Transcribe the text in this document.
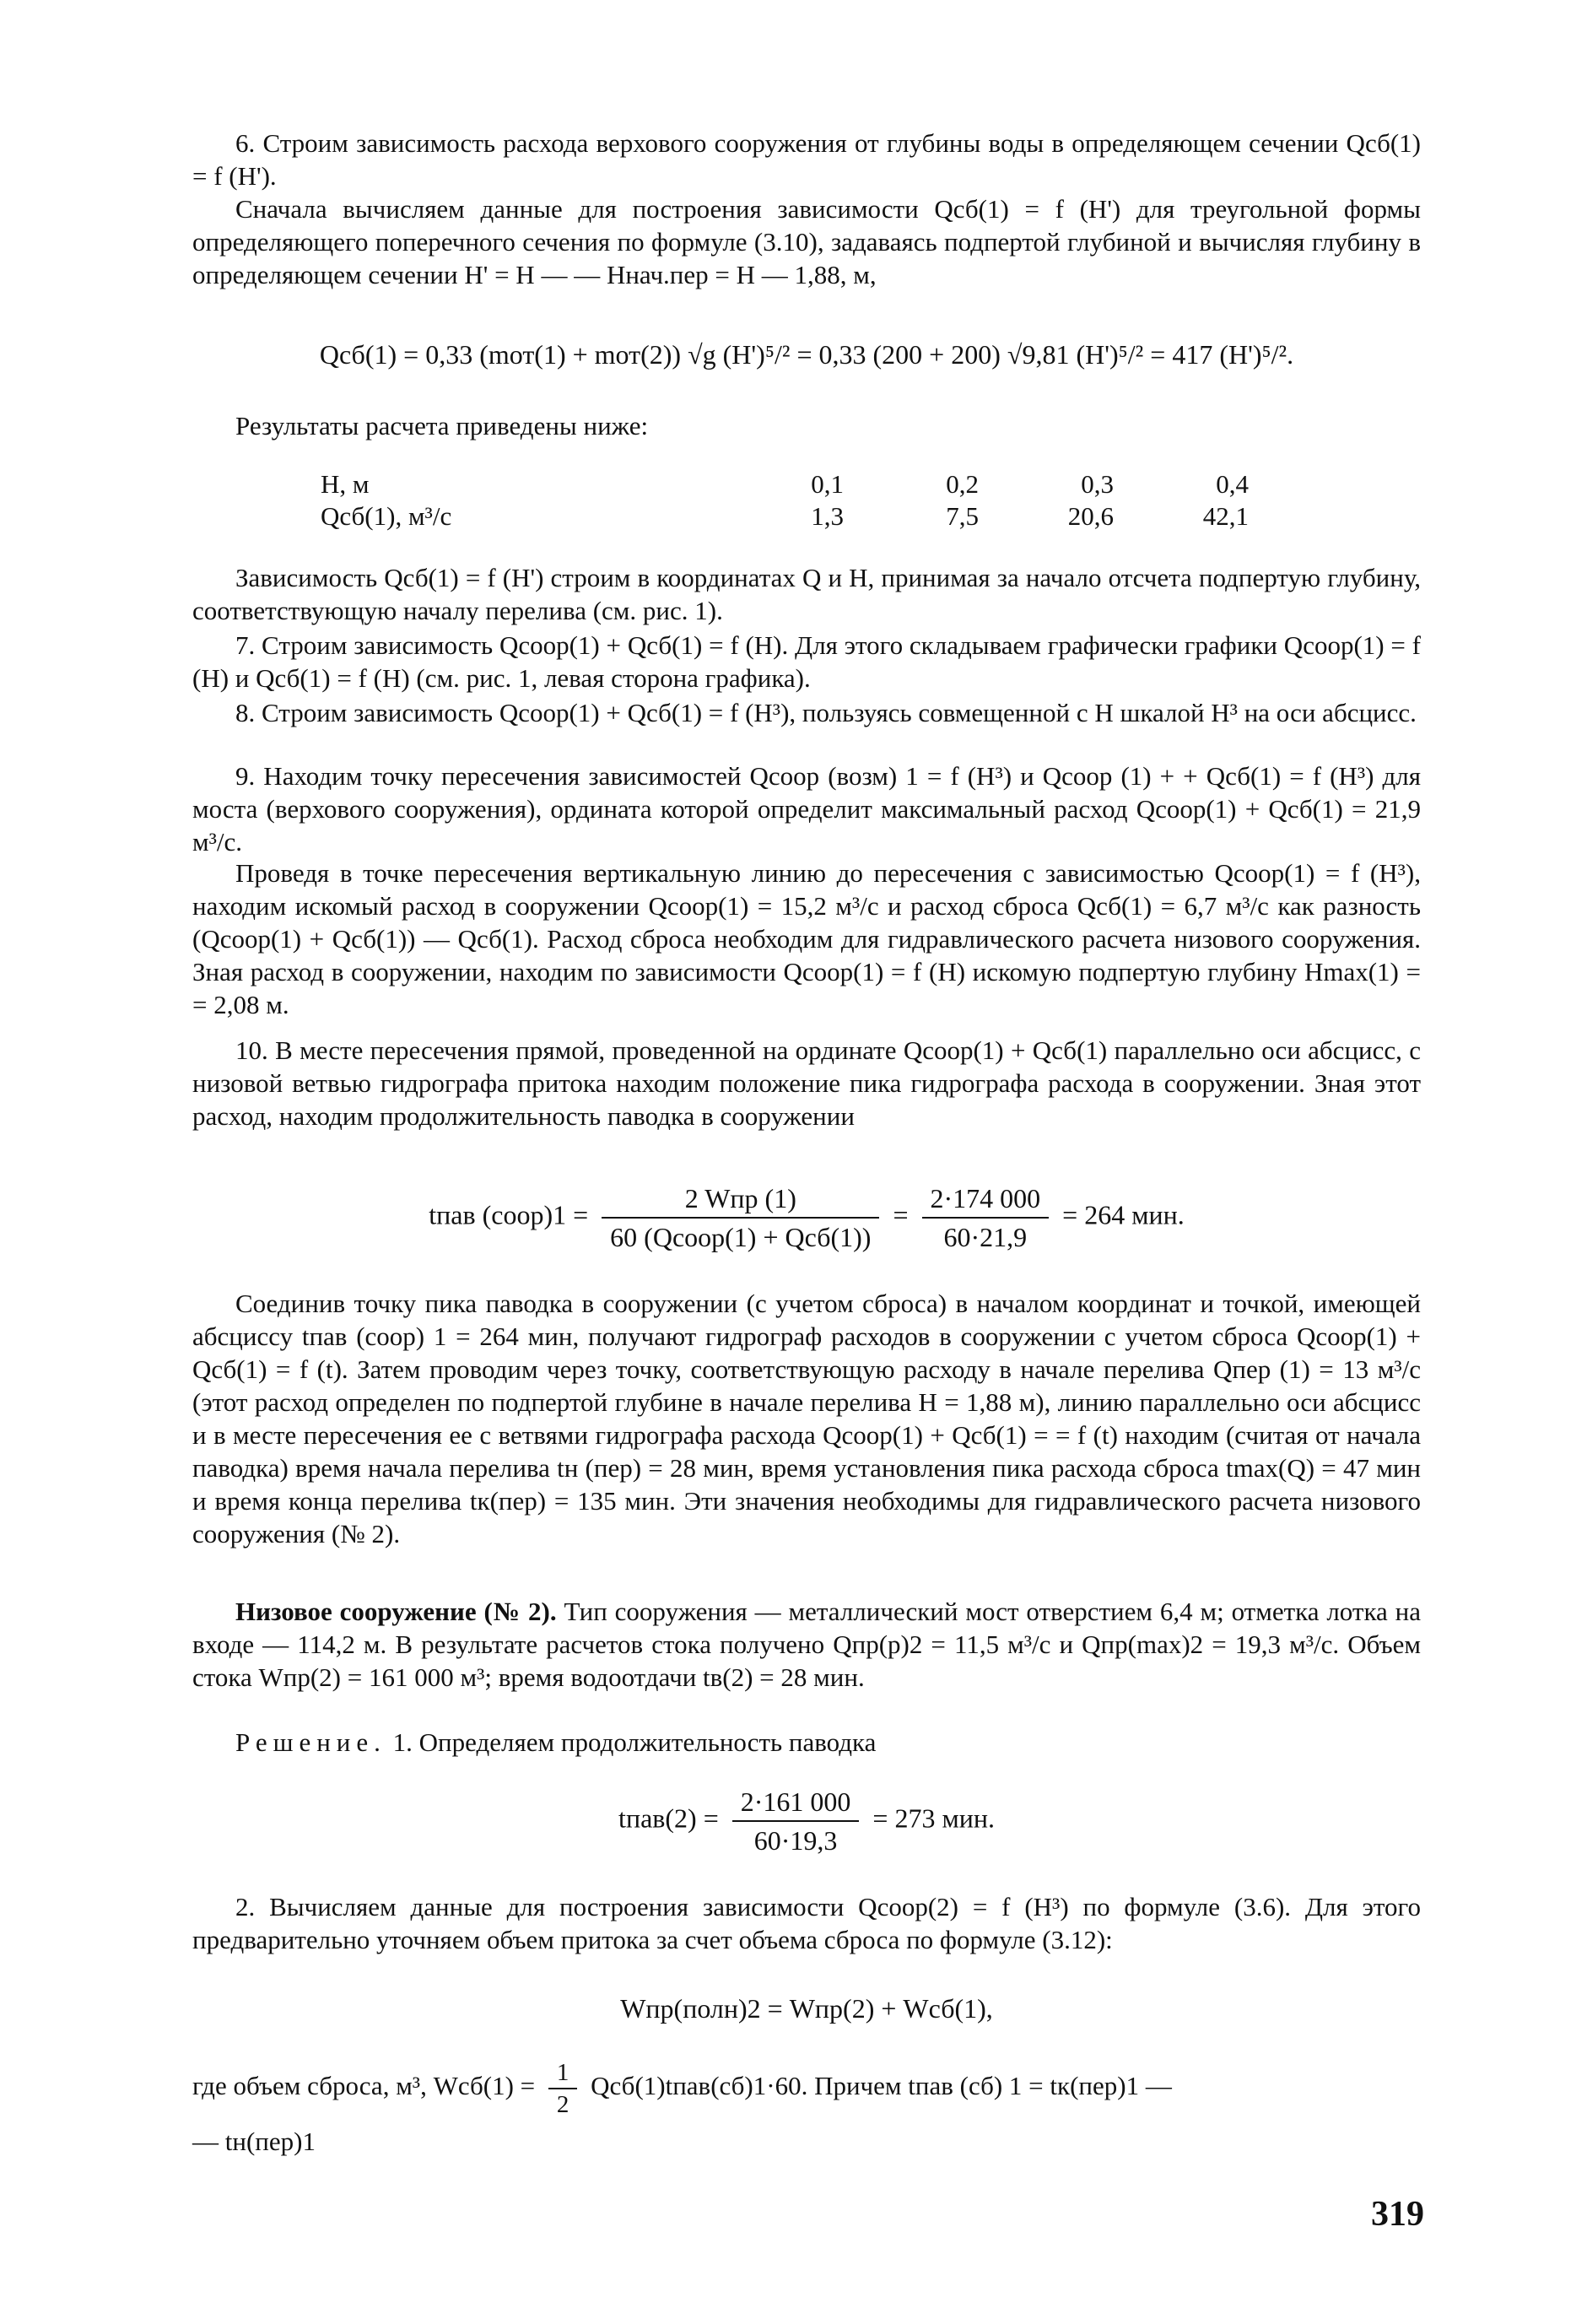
6. Строим зависимость расхода верхового сооружения от глубины воды в определяющем сечении Qсб(1) = f (H').

Сначала вычисляем данные для построения зависимости Qсб(1) = f (H') для треугольной формы определяющего поперечного сечения по формуле (3.10), задаваясь подпертой глубиной и вычисляя глубину в определяющем сечении H' = H — — Hнач.пер = H — 1,88, м,

Qсб(1) = 0,33 (mот(1) + mот(2)) √g (H')⁵/² = 0,33 (200 + 200) √9,81 (H')⁵/² = 417 (H')⁵/².

Результаты расчета приведены ниже:

H, м	0,1	0,2	0,3	0,4
Qсб(1), м³/с	1,3	7,5	20,6	42,1

Зависимость Qсб(1) = f (H') строим в координатах Q и H, принимая за начало отсчета подпертую глубину, соответствующую началу перелива (см. рис. 1).

7. Строим зависимость Qсоор(1) + Qсб(1) = f (H). Для этого складываем графически графики Qсоор(1) = f (H) и Qсб(1) = f (H) (см. рис. 1, левая сторона графика).

8. Строим зависимость Qсоор(1) + Qсб(1) = f (H³), пользуясь совмещенной с H шкалой H³ на оси абсцисс.

9. Находим точку пересечения зависимостей Qсоор (возм) 1 = f (H³) и Qсоор (1) + + Qсб(1) = f (H³) для моста (верхового сооружения), ордината которой определит максимальный расход Qсоор(1) + Qсб(1) = 21,9 м³/с.

Проведя в точке пересечения вертикальную линию до пересечения с зависимостью Qсоор(1) = f (H³), находим искомый расход в сооружении Qсоор(1) = 15,2 м³/с и расход сброса Qсб(1) = 6,7 м³/с как разность (Qсоор(1) + Qсб(1)) — Qсб(1). Расход сброса необходим для гидравлического расчета низового сооружения. Зная расход в сооружении, находим по зависимости Qсоор(1) = f (H) искомую подпертую глубину Hmax(1) = = 2,08 м.

10. В месте пересечения прямой, проведенной на ординате Qсоор(1) + Qсб(1) параллельно оси абсцисс, с низовой ветвью гидрографа притока находим положение пика гидрографа расхода в сооружении. Зная этот расход, находим продолжительность паводка в сооружении

tпав (соор)1 = $\frac{\text{2 Wпр (1)}}{\text{60 (Qсоор(1) + Qсб(1))}} = \frac{2\cdot 174 000}{60\cdot 21,9} = 264$ мин.

Соединив точку пика паводка в сооружении (с учетом сброса) в началом координат и точкой, имеющей абсциссу tпав (соор) 1 = 264 мин, получают гидрограф расходов в сооружении с учетом сброса Qсоор(1) + Qсб(1) = f (t). Затем проводим через точку, соответствующую расходу в начале перелива Qпер (1) = 13 м³/с (этот расход определен по подпертой глубине в начале перелива H = 1,88 м), линию параллельно оси абсцисс и в месте пересечения ее с ветвями гидрографа расхода Qсоор(1) + Qсб(1) = = f (t) находим (считая от начала паводка) время начала перелива tн (пер) = 28 мин, время установления пика расхода сброса tmax(Q) = 47 мин и время конца перелива tк(пер) = 135 мин. Эти значения необходимы для гидравлического расчета низового сооружения (№ 2).

Низовое сооружение (№ 2). Тип сооружения — металлический мост отверстием 6,4 м; отметка лотка на входе — 114,2 м. В результате расчетов стока получено Qпр(р)2 = 11,5 м³/с и Qпр(max)2 = 19,3 м³/с. Объем стока Wпр(2) = 161 000 м³; время водоотдачи tв(2) = 28 мин.

Решение. 1. Определяем продолжительность паводка

tпав(2) = $\frac{2\cdot 161 000}{60\cdot 19,3} = 273$ мин.

2. Вычисляем данные для построения зависимости Qсоор(2) = f (H³) по формуле (3.6). Для этого предварительно уточняем объем притока за счет объема сброса по формуле (3.12):

Wпр(полн)2 = Wпр(2) + Wсб(1),

где объем сброса, м³, $Wсб(1) = \frac{1}{2}$ Qсб(1)tпав(сб)1·60. Причем tпав (сб) 1 = tк(пер)1 —

— tн(пер)1

319
